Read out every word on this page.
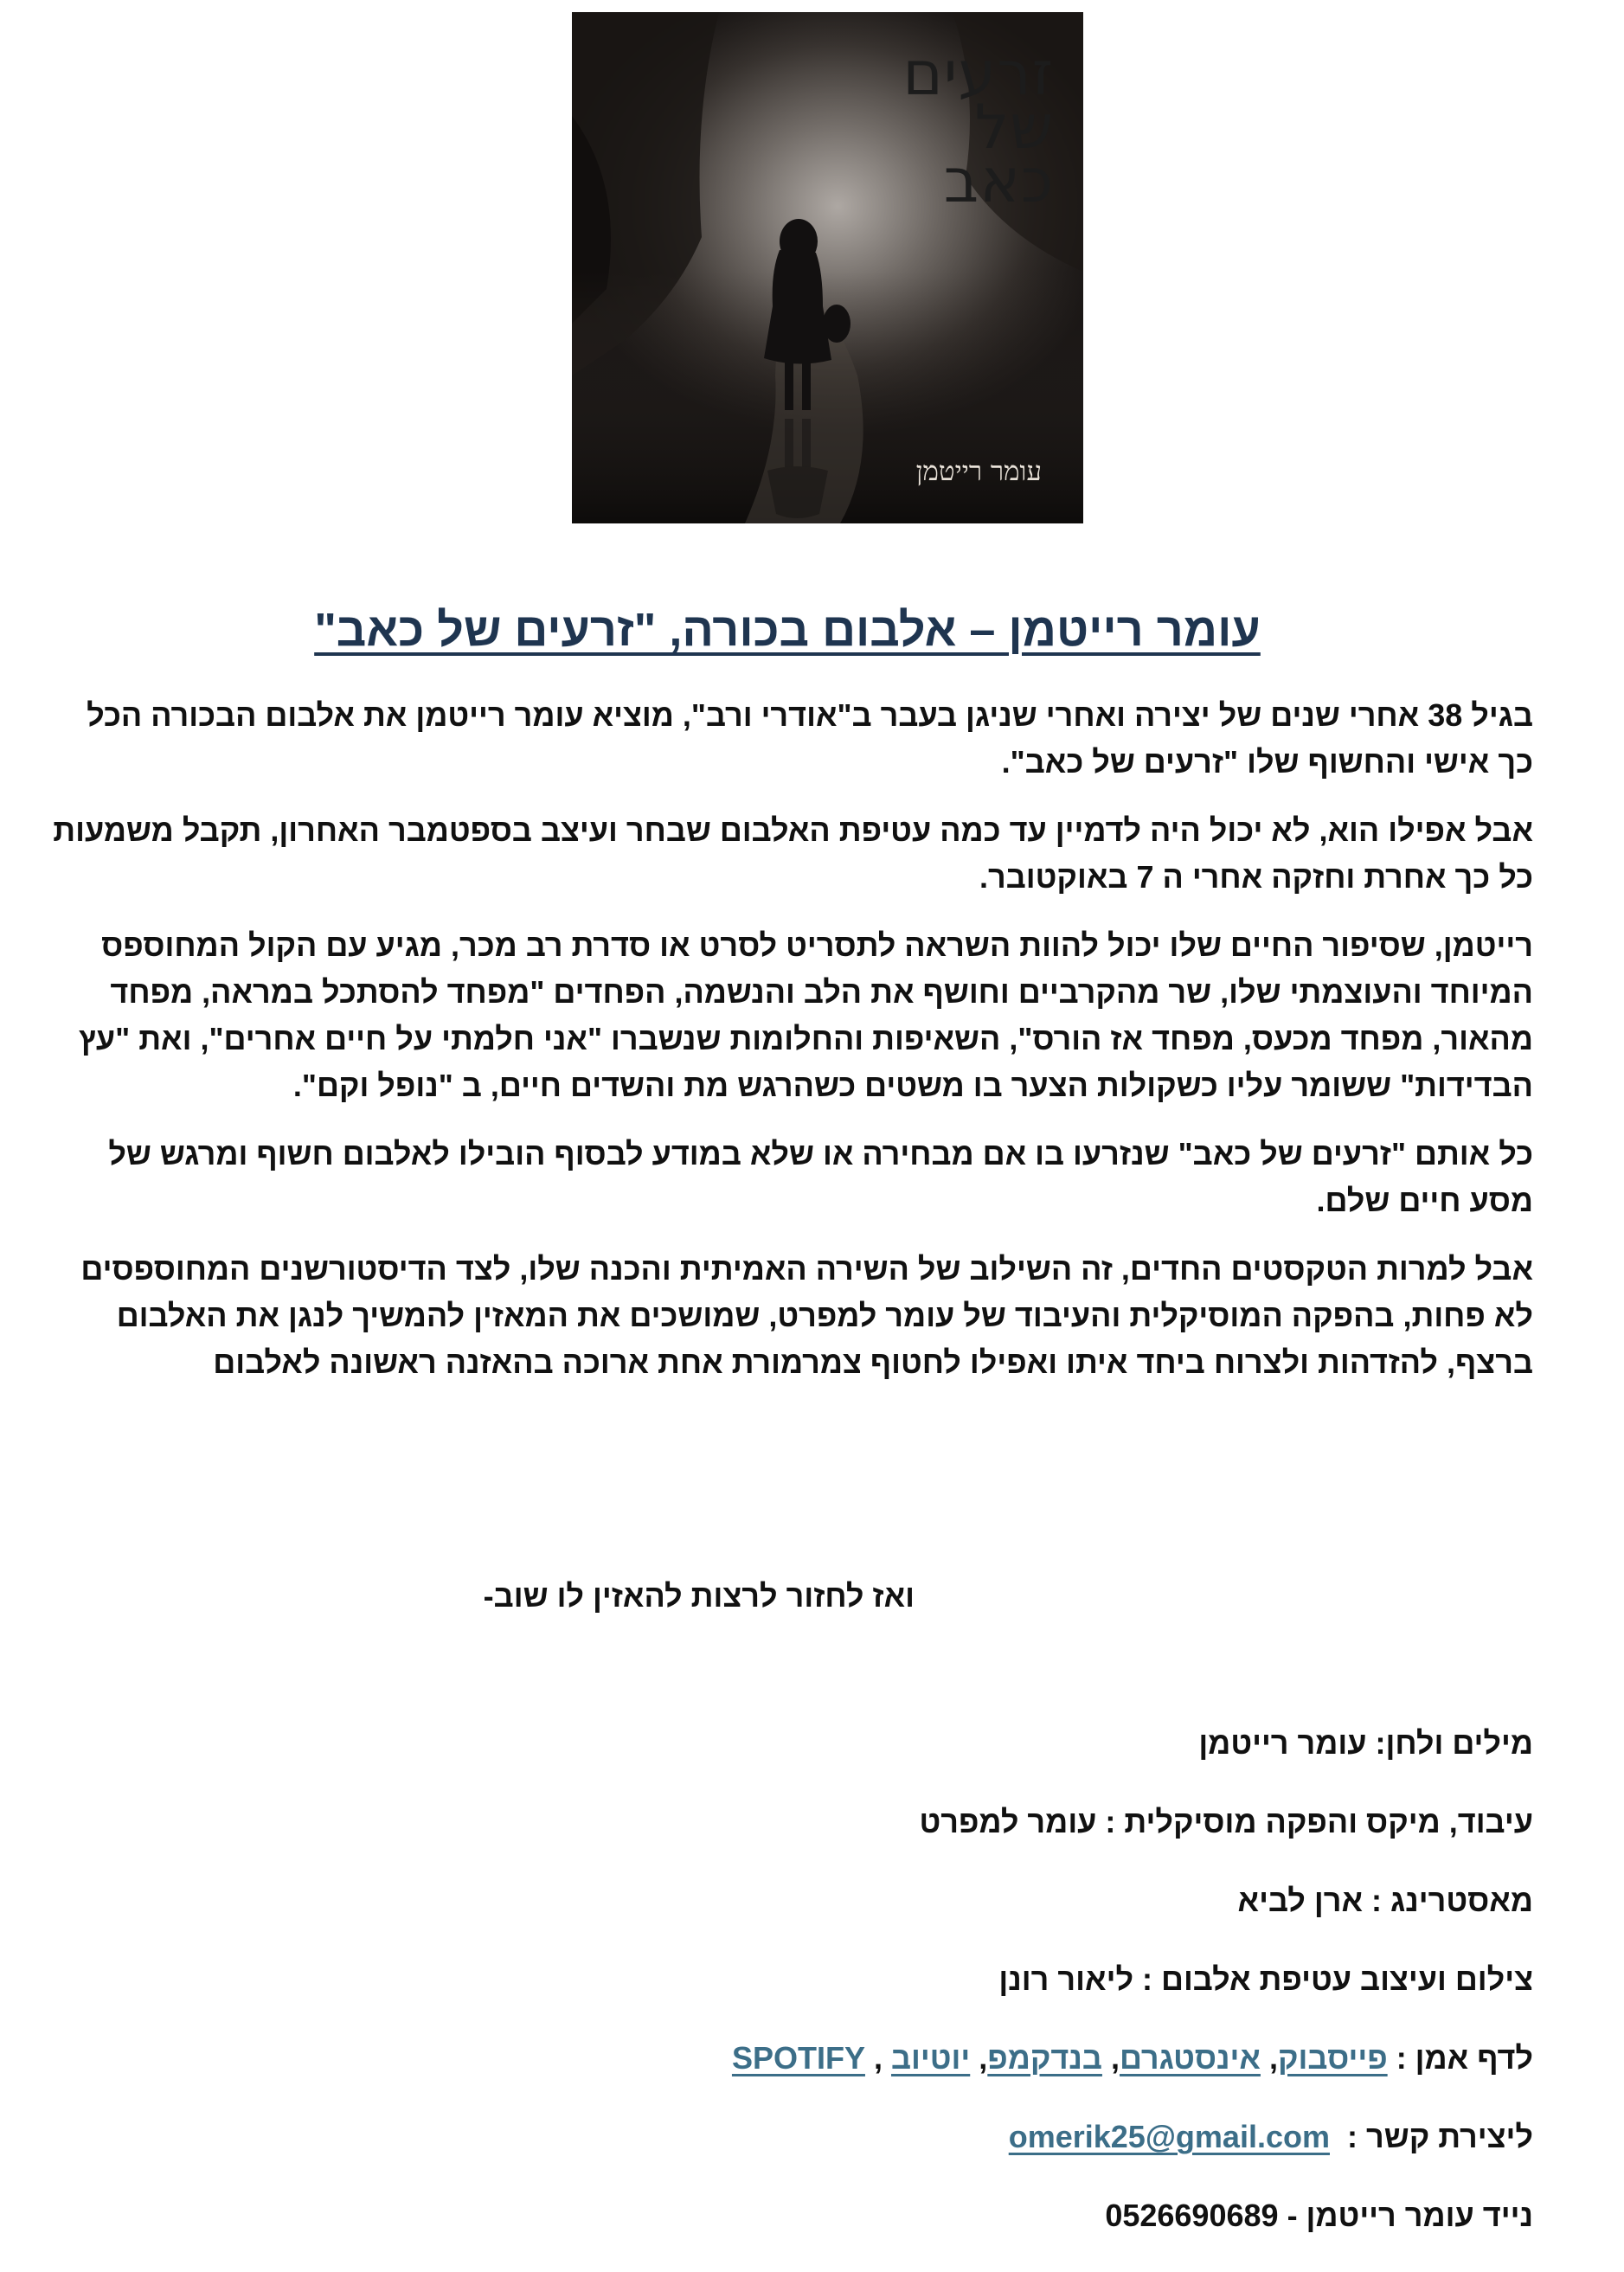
זרעים
של
כאב
עומר רייטמן
עומר רייטמן – אלבום בכורה, "זרעים של כאב"

בגיל 38 אחרי שנים של יצירה ואחרי שניגן בעבר ב"אודרי ורב", מוציא עומר רייטמן את אלבום הבכורה הכל כך אישי והחשוף שלו "זרעים של כאב".

אבל אפילו הוא, לא יכול היה לדמיין עד כמה עטיפת האלבום שבחר ועיצב בספטמבר האחרון, תקבל משמעות כל כך אחרת וחזקה אחרי ה 7 באוקטובר.

רייטמן, שסיפור החיים שלו יכול להוות השראה לתסריט לסרט או סדרת רב מכר, מגיע עם הקול המחוספס המיוחד והעוצמתי שלו, שר מהקרביים וחושף את הלב והנשמה, הפחדים "מפחד להסתכל במראה, מפחד מהאור, מפחד מכעס, מפחד אז הורס", השאיפות והחלומות שנשברו "אני חלמתי על חיים אחרים", ואת "עץ הבדידות" ששומר עליו כשקולות הצער בו משטים כשהרגש מת והשדים חיים, ב "נופל וקם".

כל אותם "זרעים של כאב" שנזרעו בו אם מבחירה או שלא במודע לבסוף הובילו לאלבום חשוף ומרגש של מסע חיים שלם.

אבל למרות הטקסטים החדים, זה השילוב של השירה האמיתית והכנה שלו, לצד הדיסטורשנים המחוספסים לא פחות, בהפקה המוסיקלית והעיבוד של עומר למפרט, שמושכים את המאזין להמשיך לנגן את האלבום ברצף, להזדהות ולצרוח ביחד איתו ואפילו לחטוף צמרמורת אחת ארוכה בהאזנה ראשונה לאלבום

ואז לחזור לרצות להאזין לו שוב-
מילים ולחן: עומר רייטמן
עיבוד, מיקס והפקה מוסיקלית : עומר למפרט
מאסטרינג : ארן לביא
צילום ועיצוב עטיפת אלבום : ליאור רונן
לדף אמן : פייסבוק, אינסטגרם, בנדקמפ, יוטיוב , SPOTIFY
ליצירת קשר :  omerik25@gmail.com
נייד עומר רייטמן - 0526690689
